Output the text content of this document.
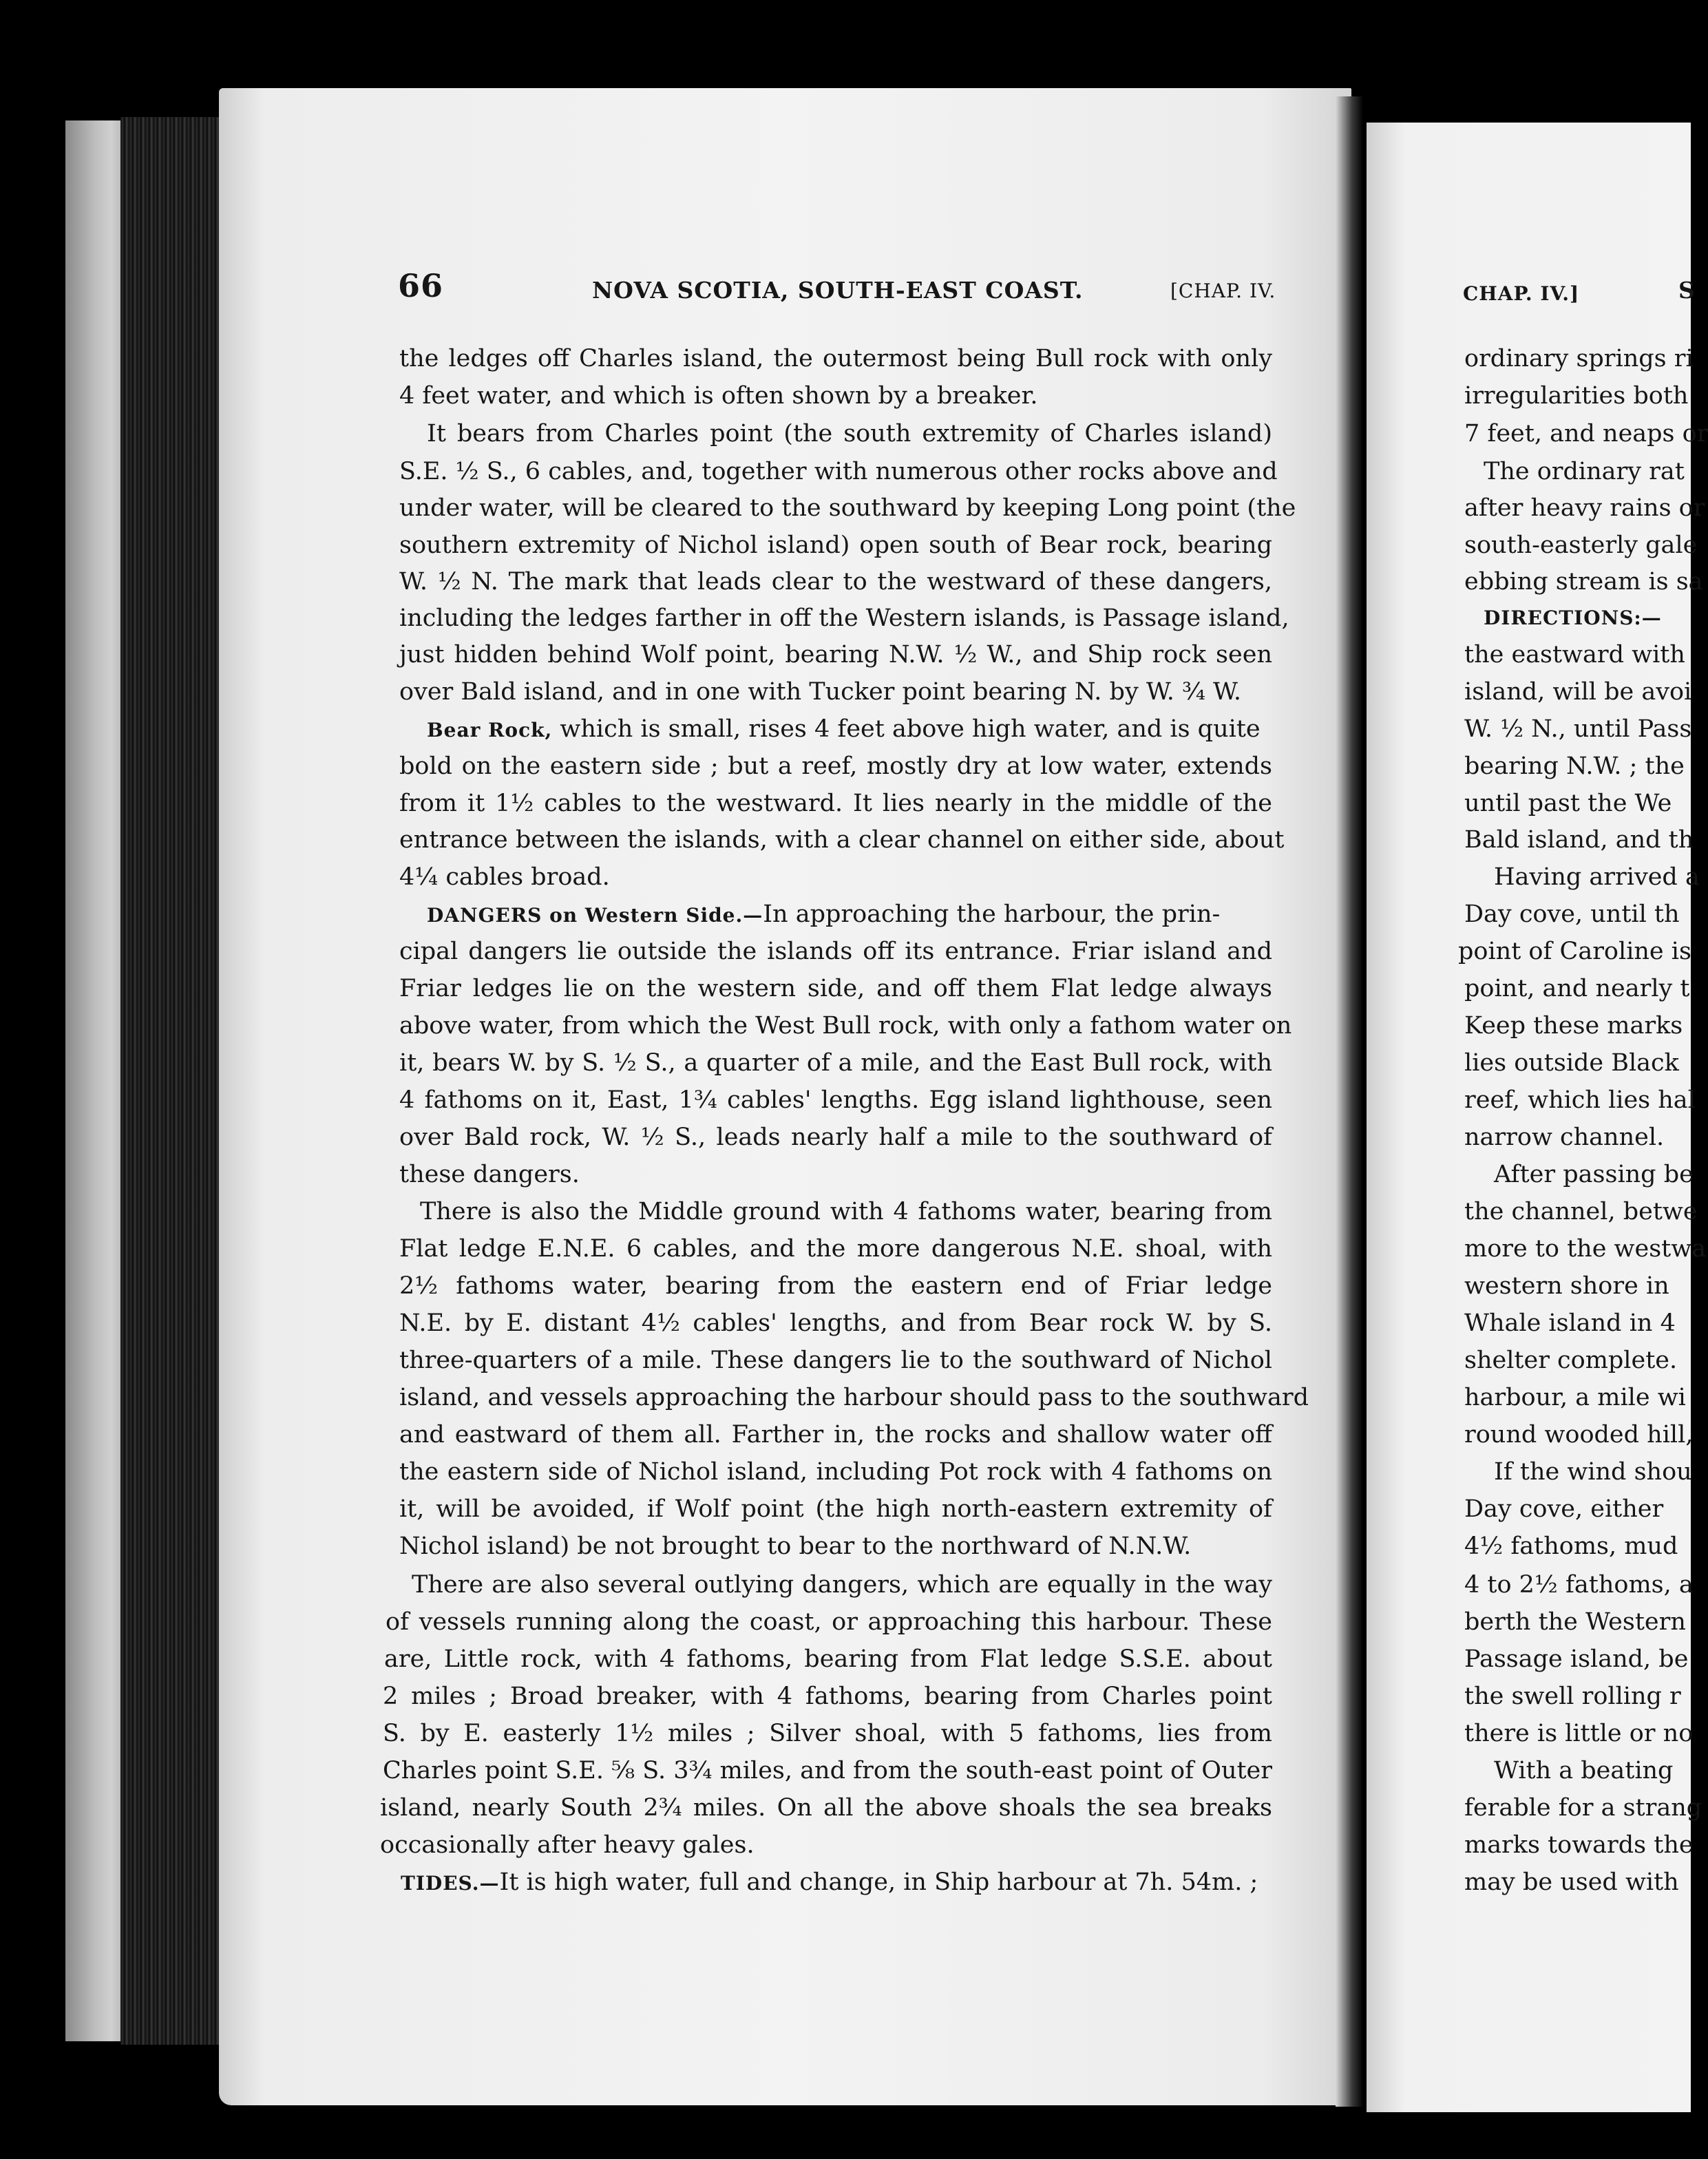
66	NOVA SCOTIA, SOUTH-EAST COAST.	[CHAP. IV.
the ledges off Charles island, the outermost being Bull rock with only
4 feet water, and which is often shown by a breaker.
It bears from Charles point (the south extremity of Charles island)
S.E. ½ S., 6 cables, and, together with numerous other rocks above and
under water, will be cleared to the southward by keeping Long point (the
southern extremity of Nichol island) open south of Bear rock, bearing
W. ½ N. The mark that leads clear to the westward of these dangers,
including the ledges farther in off the Western islands, is Passage island,
just hidden behind Wolf point, bearing N.W. ½ W., and Ship rock seen
over Bald island, and in one with Tucker point bearing N. by W. ¾ W.
Bear Rock, which is small, rises 4 feet above high water, and is quite
bold on the eastern side ; but a reef, mostly dry at low water, extends
from it 1½ cables to the westward. It lies nearly in the middle of the
entrance between the islands, with a clear channel on either side, about
4¼ cables broad.
DANGERS on Western Side.—In approaching the harbour, the prin-
cipal dangers lie outside the islands off its entrance. Friar island and
Friar ledges lie on the western side, and off them Flat ledge always
above water, from which the West Bull rock, with only a fathom water on
it, bears W. by S. ½ S., a quarter of a mile, and the East Bull rock, with
4 fathoms on it, East, 1¾ cables' lengths. Egg island lighthouse, seen
over Bald rock, W. ½ S., leads nearly half a mile to the southward of
these dangers.
There is also the Middle ground with 4 fathoms water, bearing from
Flat ledge E.N.E. 6 cables, and the more dangerous N.E. shoal, with
2½ fathoms water, bearing from the eastern end of Friar ledge
N.E. by E. distant 4½ cables' lengths, and from Bear rock W. by S.
three-quarters of a mile. These dangers lie to the southward of Nichol
island, and vessels approaching the harbour should pass to the southward
and eastward of them all. Farther in, the rocks and shallow water off
the eastern side of Nichol island, including Pot rock with 4 fathoms on
it, will be avoided, if Wolf point (the high north-eastern extremity of
Nichol island) be not brought to bear to the northward of N.N.W.
There are also several outlying dangers, which are equally in the way
of vessels running along the coast, or approaching this harbour. These
are, Little rock, with 4 fathoms, bearing from Flat ledge S.S.E. about
2 miles ; Broad breaker, with 4 fathoms, bearing from Charles point
S. by E. easterly 1½ miles ; Silver shoal, with 5 fathoms, lies from
Charles point S.E. ⅝ S. 3¾ miles, and from the south-east point of Outer
island, nearly South 2¾ miles. On all the above shoals the sea breaks
occasionally after heavy gales.
TIDES.—It is high water, full and change, in Ship harbour at 7h. 54m. ;
CHAP. IV.]	S
ordinary springs ri
irregularities both
7 feet, and neaps or
The ordinary rat
after heavy rains or
south-easterly gale
ebbing stream is sa
DIRECTIONS:—
the eastward with
island, will be avoi
W. ½ N., until Pass
bearing N.W. ; the
until past the We
Bald island, and th
Having arrived a
Day cove, until th
point of Caroline is
point, and nearly t
Keep these marks
lies outside Black
reef, which lies hal
narrow channel.
After passing be
the channel, betwe
more to the westwa
western shore in
Whale island in 4
shelter complete.
harbour, a mile wi
round wooded hill,
If the wind shou
Day cove, either
4½ fathoms, mud
4 to 2½ fathoms, a
berth the Western
Passage island, be
the swell rolling r
there is little or no
With a beating
ferable for a strang
marks towards the
may be used with
